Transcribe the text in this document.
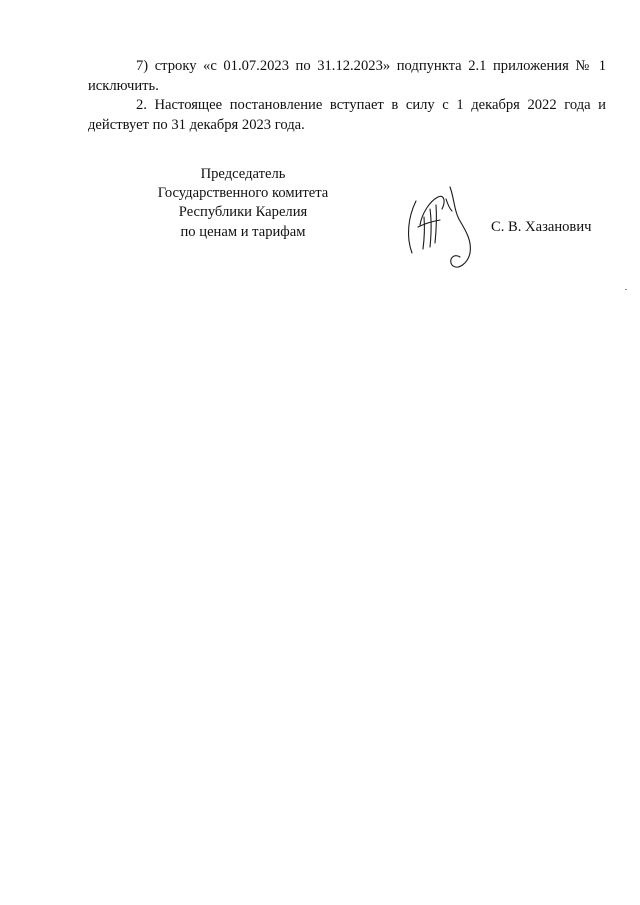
7) строку «с 01.07.2023 по 31.12.2023» подпункта 2.1 приложения № 1 исключить.

2. Настоящее постановление вступает в силу с 1 декабря 2022 года и действует по 31 декабря 2023 года.

Председатель
Государственного комитета
Республики Карелия
по ценам и тарифам	С. В. Хазанович
